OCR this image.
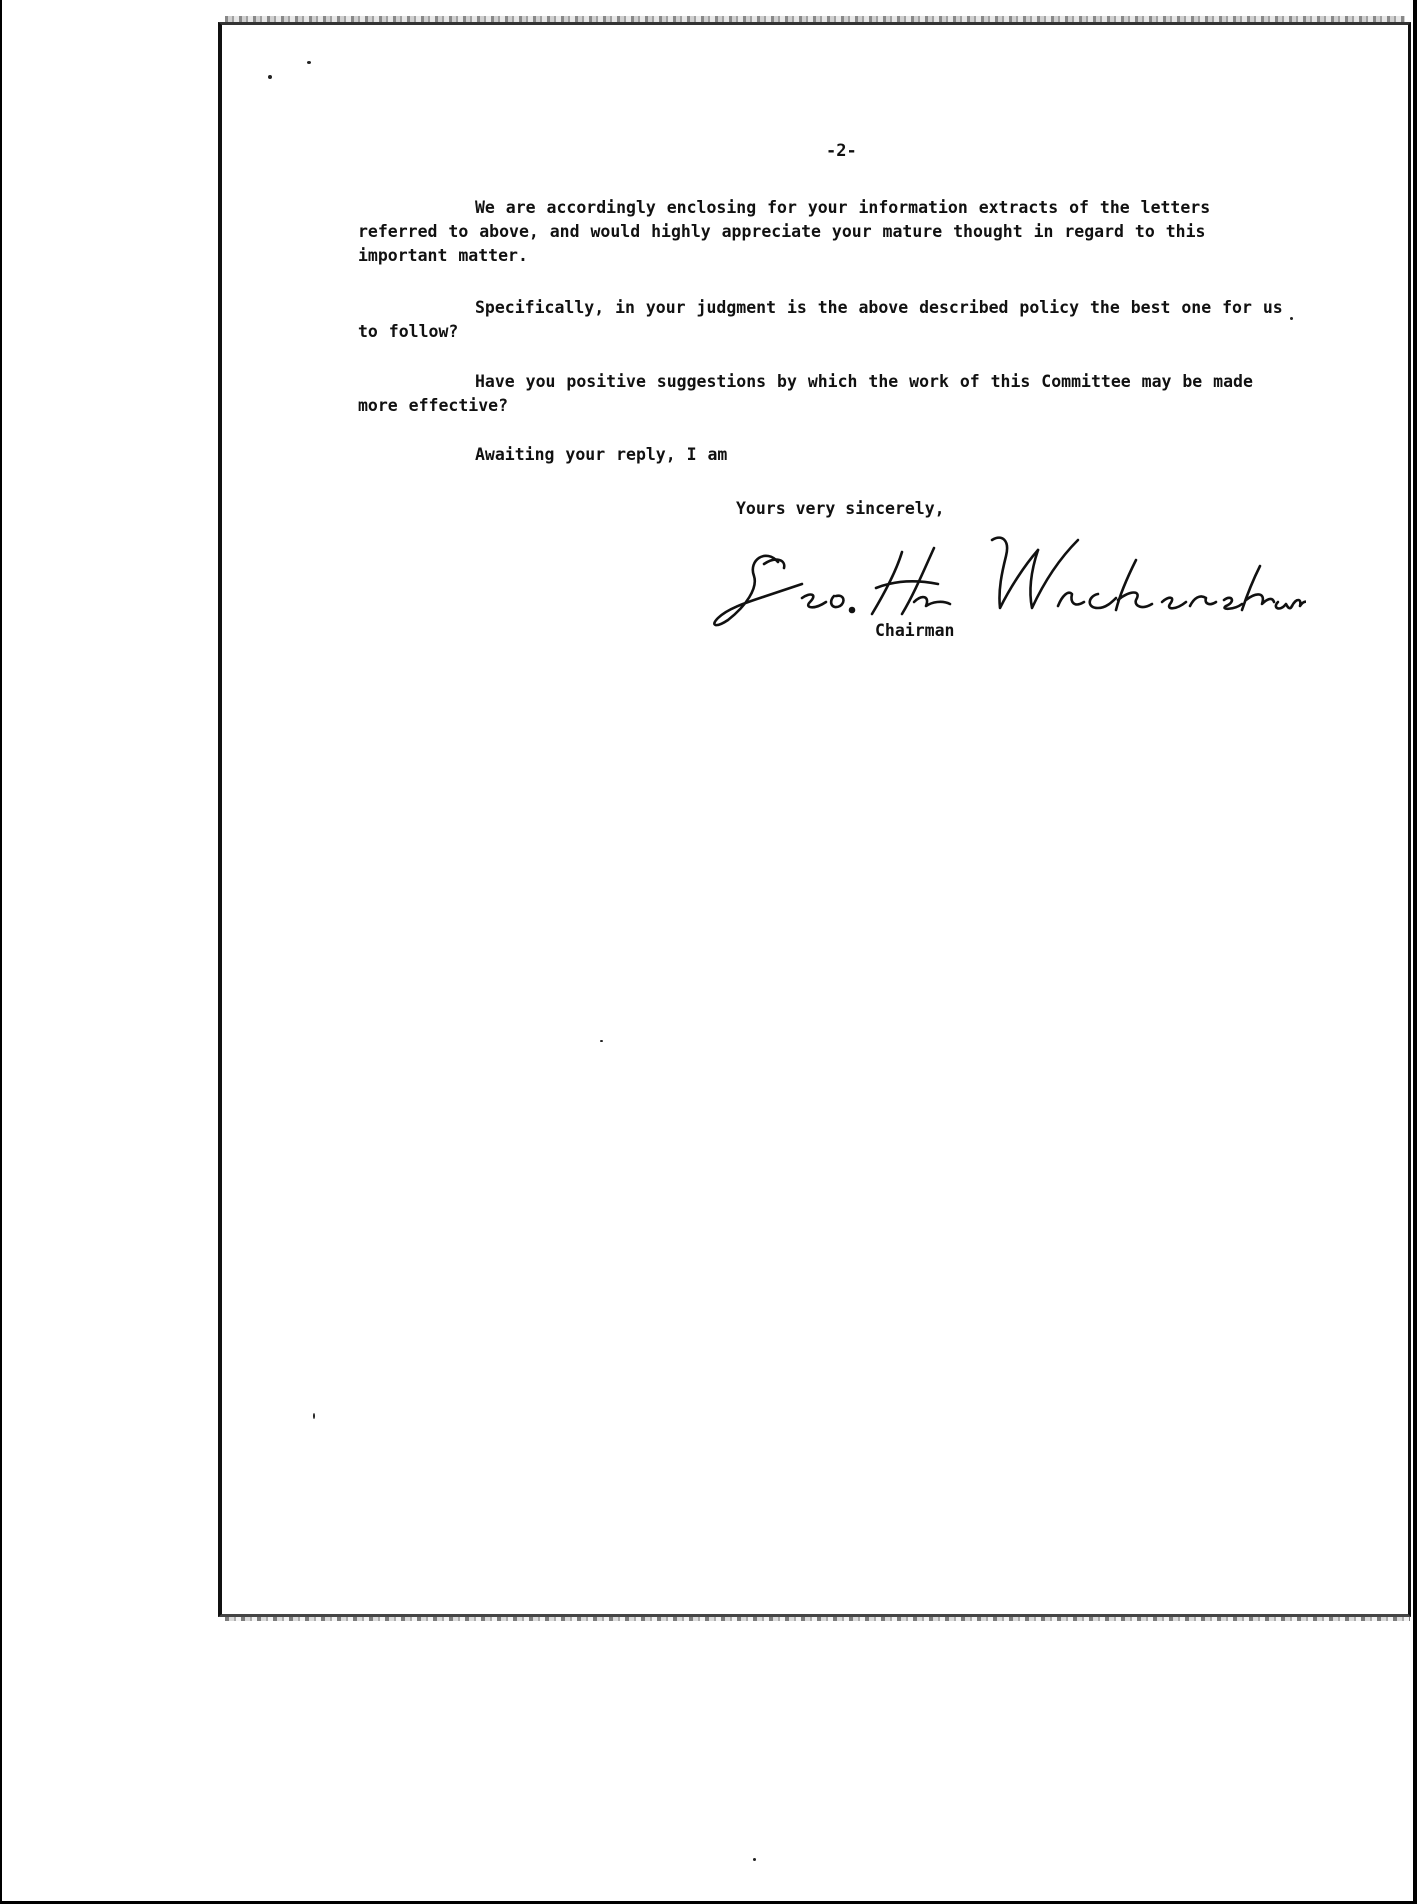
-2-

We are accordingly enclosing for your information extracts of the letters referred to above, and would highly appreciate your mature thought in regard to this important matter.

Specifically, in your judgment is the above described policy the best one for us to follow?

Have you positive suggestions by which the work of this Committee may be made more effective?

Awaiting your reply, I am

Yours very sincerely,
Chairman
